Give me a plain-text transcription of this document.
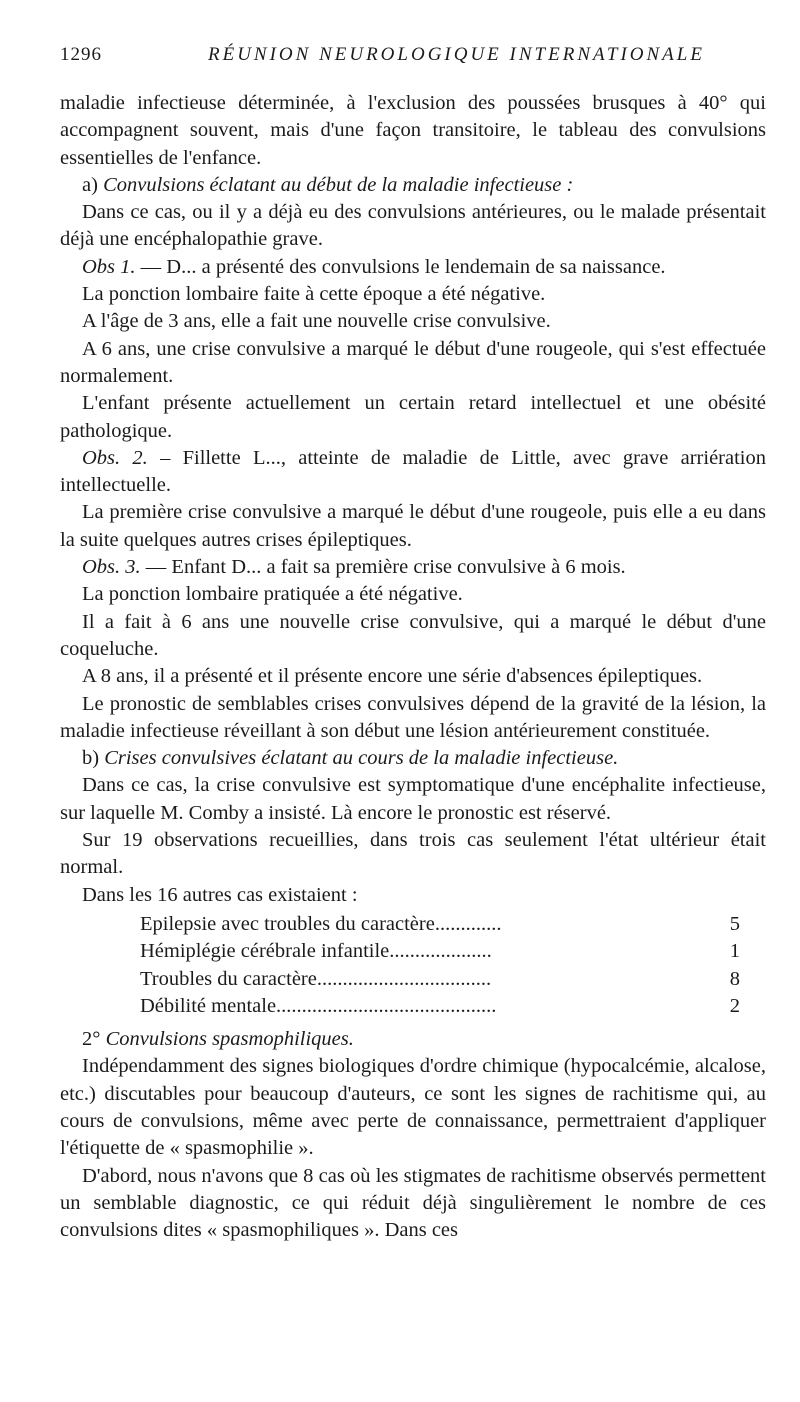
1296	RÉUNION NEUROLOGIQUE INTERNATIONALE

maladie infectieuse déterminée, à l'exclusion des poussées brusques à 40° qui accompagnent souvent, mais d'une façon transitoire, le tableau des convulsions essentielles de l'enfance.

a) Convulsions éclatant au début de la maladie infectieuse :

Dans ce cas, ou il y a déjà eu des convulsions antérieures, ou le malade présentait déjà une encéphalopathie grave.

Obs 1. — D... a présenté des convulsions le lendemain de sa naissance.

La ponction lombaire faite à cette époque a été négative.

A l'âge de 3 ans, elle a fait une nouvelle crise convulsive.

A 6 ans, une crise convulsive a marqué le début d'une rougeole, qui s'est effectuée normalement.

L'enfant présente actuellement un certain retard intellectuel et une obésité pathologique.

Obs. 2. – Fillette L..., atteinte de maladie de Little, avec grave arriération intellectuelle.

La première crise convulsive a marqué le début d'une rougeole, puis elle a eu dans la suite quelques autres crises épileptiques.

Obs. 3. — Enfant D... a fait sa première crise convulsive à 6 mois.

La ponction lombaire pratiquée a été négative.

Il a fait à 6 ans une nouvelle crise convulsive, qui a marqué le début d'une coqueluche.

A 8 ans, il a présenté et il présente encore une série d'absences épileptiques.

Le pronostic de semblables crises convulsives dépend de la gravité de la lésion, la maladie infectieuse réveillant à son début une lésion antérieurement constituée.

b) Crises convulsives éclatant au cours de la maladie infectieuse.

Dans ce cas, la crise convulsive est symptomatique d'une encéphalite infectieuse, sur laquelle M. Comby a insisté. Là encore le pronostic est réservé.

Sur 19 observations recueillies, dans trois cas seulement l'état ultérieur était normal.

Dans les 16 autres cas existaient :

Epilepsie avec troubles du caractère.............	5
Hémiplégie cérébrale infantile....................	1
Troubles du caractère..................................	8
Débilité mentale...........................................	2

2° Convulsions spasmophiliques.

Indépendamment des signes biologiques d'ordre chimique (hypocalcémie, alcalose, etc.) discutables pour beaucoup d'auteurs, ce sont les signes de rachitisme qui, au cours de convulsions, même avec perte de connaissance, permettraient d'appliquer l'étiquette de « spasmophilie ».

D'abord, nous n'avons que 8 cas où les stigmates de rachitisme observés permettent un semblable diagnostic, ce qui réduit déjà singulièrement le nombre de ces convulsions dites « spasmophiliques ». Dans ces
